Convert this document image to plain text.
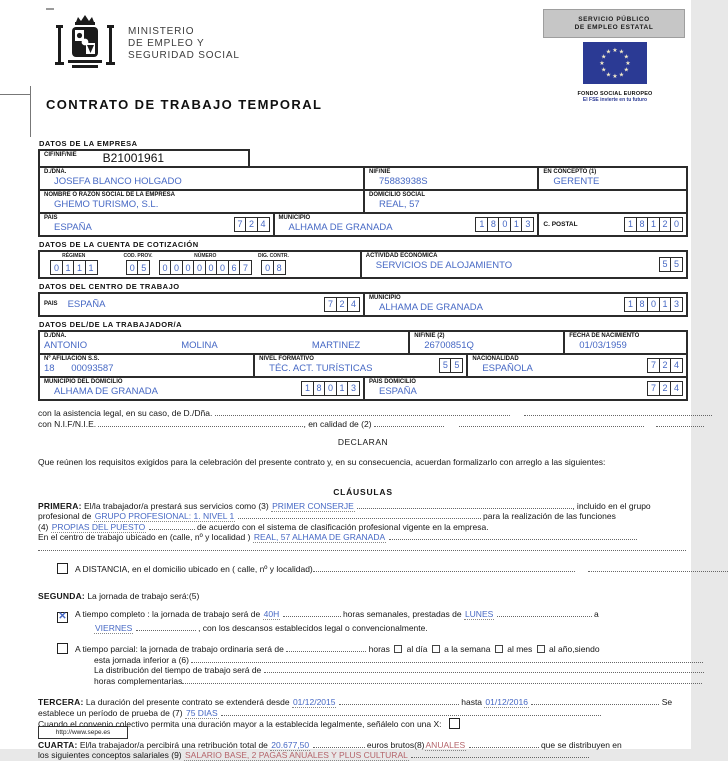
MINISTERIO
DE EMPLEO Y
SEGURIDAD SOCIAL
SERVICIO PÚBLICO
DE EMPLEO ESTATAL
★ ★
★
★
★
★
★
★
★
★
★
★
FONDO SOCIAL EUROPEO
El FSE invierte en tu futuro
CONTRATO DE TRABAJO TEMPORAL
DATOS DE LA EMPRESA
CIF/NIF/NIE	B21001961
D./DÑA.
JOSEFA BLANCO HOLGADO
NIF/NIE
75883938S
EN CONCEPTO (1)
GERENTE
NOMBRE O RAZÓN SOCIAL DE LA EMPRESA
GHEMO TURISMO, S.L.
DOMICILIO SOCIAL
REAL, 57
PAIS
ESPAÑA	7 2 4
MUNICIPIO
ALHAMA DE GRANADA	1 8 0 1 3	C. POSTAL	1 8 1 2 0
DATOS DE LA CUENTA DE COTIZACIÓN
RÉGIMEN
0 1 1 1
COD. PROV.
0 5
NÚMERO
0 0 0 0 0 0 6 7
DIG. CONTR.
0 8
ACTIVIDAD ECONÓMICA
SERVICIOS DE ALOJAMIENTO	5 5
DATOS DEL CENTRO DE TRABAJO
PAIS	ESPAÑA	7 2 4
MUNICIPIO
ALHAMA DE GRANADA	1 8 0 1 3
DATOS DEL/DE LA TRABAJADOR/A
D./DÑA.
ANTONIO	MOLINA	MARTINEZ
NIF/NIE (2)
26700851Q
FECHA DE NACIMIENTO
01/03/1959
Nº AFILIACIÓN S.S.
18 00093587
NIVEL FORMATIVO
TÉC. ACT. TURÍSTICAS	5 5
NACIONALIDAD
ESPAÑOLA	7 2 4
MUNICIPIO DEL DOMICILIO
ALHAMA DE GRANADA	1 8 0 1 3
PAIS DOMICILIO
ESPAÑA	7 2 4
con la asistencia legal, en su caso, de D./Dña.
con N.I.F/N.I.E.	, en calidad de (2)
DECLARAN
Que reúnen los requisitos exigidos para la celebración del presente contrato y, en su consecuencia, acuerdan formalizarlo con arreglo a las siguientes:
CLÁUSULAS
PRIMERA: El/la trabajador/a prestará sus servicios como (3) PRIMER CONSERJE	, incluido en el grupo
profesional de GRUPO PROFESIONAL: 1. NIVEL 1	para la realización de las funciones
(4) PROPIAS DEL PUESTO	de acuerdo con el sistema de clasificación profesional vigente en la empresa.
En el centro de trabajo ubicado en (calle, nº y localidad ) REAL, 57 ALHAMA DE GRANADA
A DISTANCIA, en el domicilio ubicado en ( calle, nº y localidad)
SEGUNDA: La jornada de trabajo será:(5)
✕ A tiempo completo : la jornada de trabajo será de 40H	horas semanales, prestadas de LUNES	a
VIERNES	, con los descansos establecidos legal o convencionalmente.
A tiempo parcial: la jornada de trabajo ordinaria será de	horas al día a la semana al mes al año,siendo
esta jornada inferior a (6)
La distribución del tiempo de trabajo será de
horas complementarias
TERCERA: La duración del presente contrato se extenderá desde 01/12/2015	hasta 01/12/2016	Se
establece un período de prueba de (7) 75 DIAS
Cuando el convenio colectivo permita una duración mayor a la establecida legalmente, señálelo con una X:
CUARTA: El/la trabajador/a percibirá una retribución total de 20.677,50	euros brutos(8)ANUALES	que se distribuyen en
los siguientes conceptos salariales (9) SALARIO BASE, 2 PAGAS ANUALES Y PLUS CULTURAL
http://www.sepe.es
